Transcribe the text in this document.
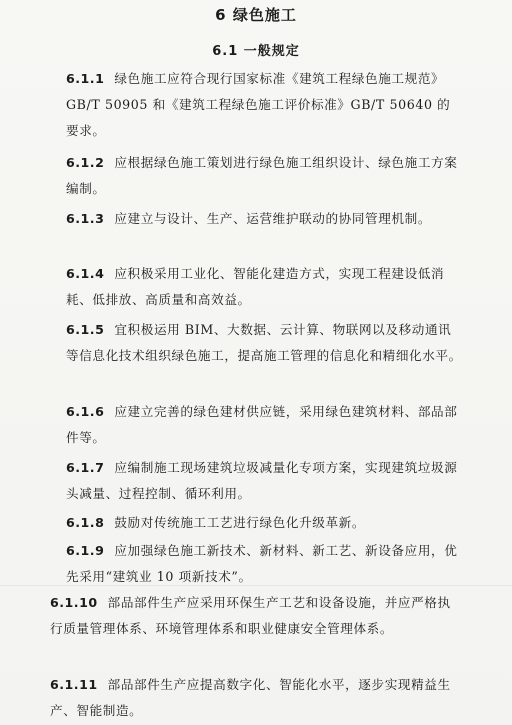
6 绿色施工
6.1 一般规定
6.1.1 绿色施工应符合现行国家标准《建筑工程绿色施工规范》GB/T 50905 和《建筑工程绿色施工评价标准》GB/T 50640 的要求。
6.1.2 应根据绿色施工策划进行绿色施工组织设计、绿色施工方案编制。
6.1.3 应建立与设计、生产、运营维护联动的协同管理机制。
6.1.4 应积极采用工业化、智能化建造方式，实现工程建设低消耗、低排放、高质量和高效益。
6.1.5 宜积极运用 BIM、大数据、云计算、物联网以及移动通讯等信息化技术组织绿色施工，提高施工管理的信息化和精细化水平。
6.1.6 应建立完善的绿色建材供应链，采用绿色建筑材料、部品部件等。
6.1.7 应编制施工现场建筑垃圾减量化专项方案，实现建筑垃圾源头减量、过程控制、循环利用。
6.1.8 鼓励对传统施工工艺进行绿色化升级革新。
6.1.9 应加强绿色施工新技术、新材料、新工艺、新设备应用，优先采用“建筑业 10 项新技术”。
6.1.10 部品部件生产应采用环保生产工艺和设备设施，并应严格执行质量管理体系、环境管理体系和职业健康安全管理体系。
6.1.11 部品部件生产应提高数字化、智能化水平，逐步实现精益生产、智能制造。
